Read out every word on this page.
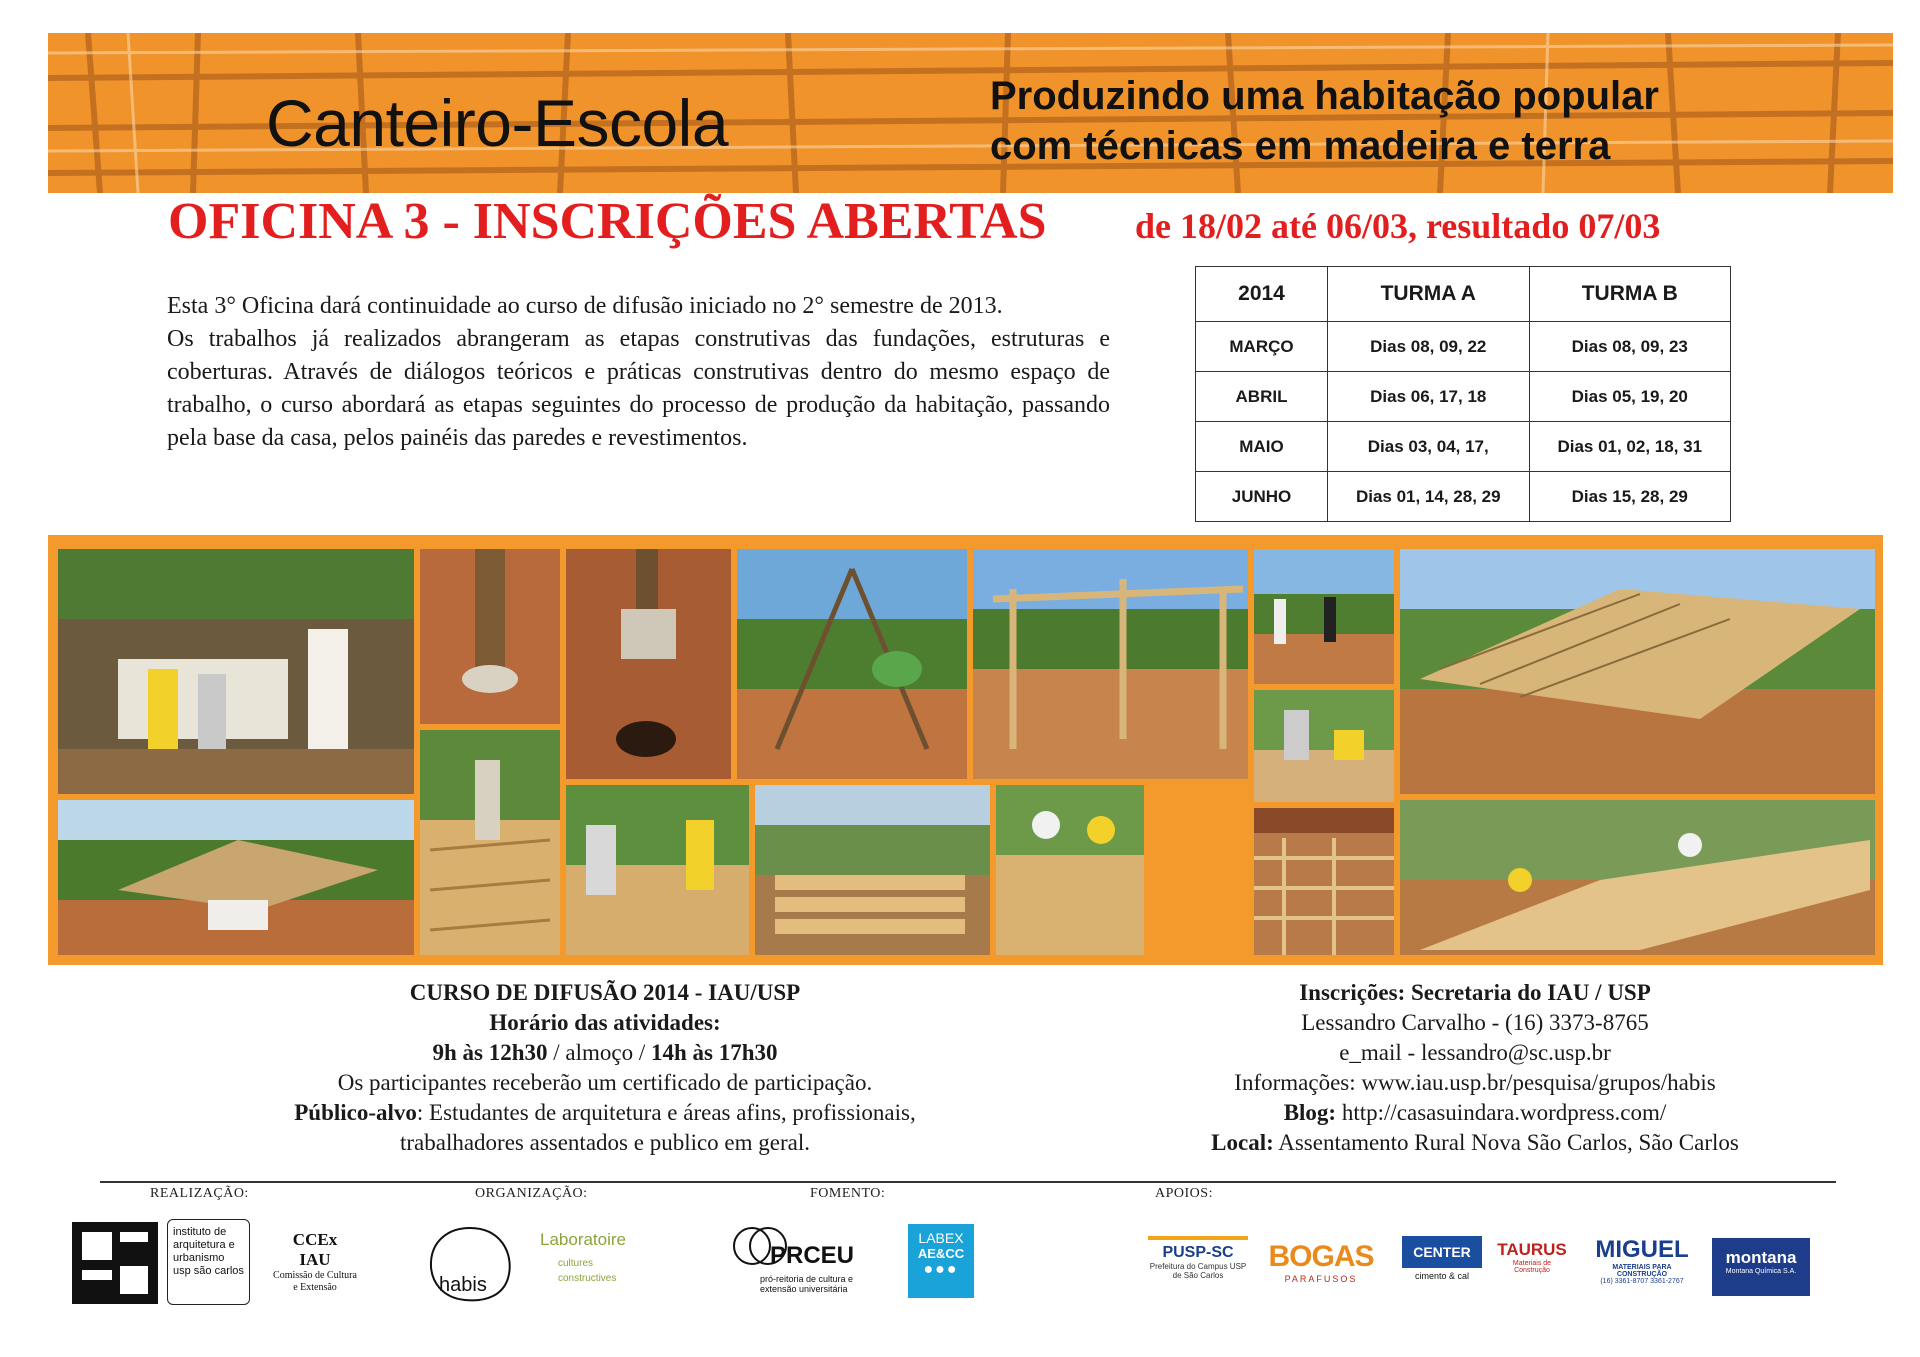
Canteiro-Escola	Produzindo uma habitação popular
com técnicas em madeira e terra
OFICINA 3 - INSCRIÇÕES ABERTAS	de 18/02 até 06/03, resultado 07/03

Esta 3° Oficina dará continuidade ao curso de difusão iniciado no 2° semestre de 2013.

Os trabalhos já realizados abrangeram as etapas construtivas das fundações, estruturas e coberturas. Através de diálogos teóricos e práticas construtivas dentro do mesmo espaço de trabalho, o curso abordará as etapas seguintes do processo de produção da habitação, passando pela base da casa, pelos painéis das paredes e revestimentos.

2014	TURMA A	TURMA B
MARÇO	Dias 08, 09, 22	Dias 08, 09, 23
ABRIL	Dias 06, 17, 18	Dias 05, 19, 20
MAIO	Dias 03, 04, 17,	Dias 01, 02, 18, 31
JUNHO	Dias 01, 14, 28, 29	Dias 15, 28, 29
CURSO DE DIFUSÃO 2014 - IAU/USP
Horário das atividades:
9h às 12h30 / almoço / 14h às 17h30
Os participantes receberão um certificado de participação.
Público-alvo: Estudantes de arquitetura e áreas afins, profissionais,
trabalhadores assentados e publico em geral.
Inscrições: Secretaria do IAU / USP
Lessandro Carvalho - (16) 3373-8765
e_mail - lessandro@sc.usp.br
Informações: www.iau.usp.br/pesquisa/grupos/habis
Blog: http://casasuindara.wordpress.com/
Local: Assentamento Rural Nova São Carlos, São Carlos
REALIZAÇÃO:	ORGANIZAÇÃO:	FOMENTO:	APOIOS:
instituto de arquitetura e urbanismo usp são carlos
CCEx
IAU
Comissão de Cultura e Extensão	habis
Laboratoire
cultures
constructives
PRCEU
pró-reitoria de cultura e extensão universitária
LABEX
AE&CC
●●●
PUSP-SC
Prefeitura do Campus USP de São Carlos
BOGAS
PARAFUSOS
CENTER
cimento & cal
TAURUS
Materiais de Construção
MIGUEL
MATERIAIS PARA CONSTRUÇÃO
(16) 3361-8707 3361-2767
montana
Montana Química S.A.
